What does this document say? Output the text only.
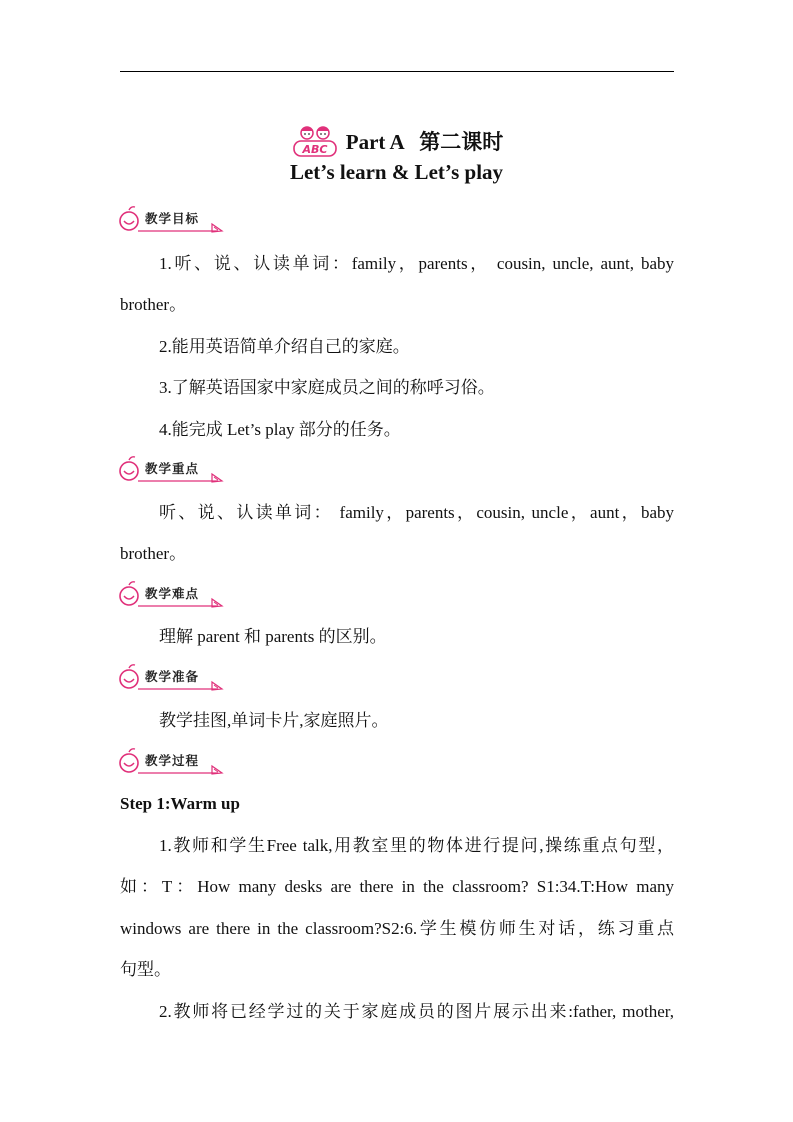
ABC Part A   第二课时
Let’s learn & Let’s play
教学目标
1.听、说、认读单词：family，parents， cousin, uncle, aunt, baby
brother。
2.能用英语简单介绍自己的家庭。
3.了解英语国家中家庭成员之间的称呼习俗。
4.能完成 Let’s play 部分的任务。
教学重点
听、说、认读单词： family，parents，cousin, uncle，aunt，baby
brother。
教学难点
理解 parent 和 parents 的区别。
教学准备
教学挂图,单词卡片,家庭照片。
教学过程
Step 1:Warm up
1.教师和学生Free talk,用教室里的物体进行提问,操练重点句型，
如：T：How many desks are there in the classroom? S1:34.T:How many
windows are there in the classroom?S2:6.学生模仿师生对话，练习重点
句型。
2.教师将已经学过的关于家庭成员的图片展示出来:father, mother,
